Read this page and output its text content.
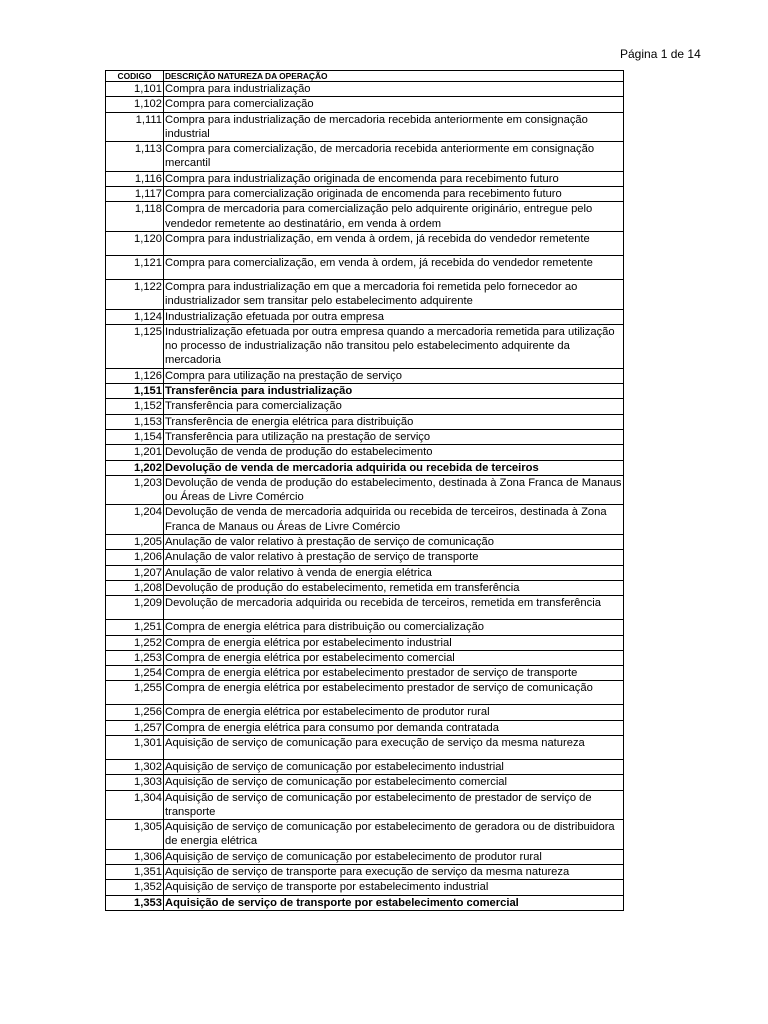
Página 1 de 14
CODIGO	DESCRIÇÃO NATUREZA DA OPERAÇÃO
1,101	Compra para industrialização
1,102	Compra para comercialização
1,111	Compra para industrialização de mercadoria recebida anteriormente em consignação industrial
1,113	Compra para comercialização, de mercadoria recebida anteriormente em consignação mercantil
1,116	Compra para industrialização originada de encomenda para recebimento futuro
1,117	Compra para comercialização originada de encomenda para recebimento futuro
1,118	Compra de mercadoria para comercialização pelo adquirente originário, entregue pelo vendedor remetente ao destinatário, em venda à ordem
1,120	Compra para industrialização, em venda à ordem, já recebida do vendedor remetente
1,121	Compra para comercialização, em venda à ordem, já recebida do vendedor remetente
1,122	Compra para industrialização em que a mercadoria foi remetida pelo fornecedor ao industrializador sem transitar pelo estabelecimento adquirente
1,124	Industrialização efetuada por outra empresa
1,125	Industrialização efetuada por outra empresa quando a mercadoria remetida para utilização no processo de industrialização não transitou pelo estabelecimento adquirente da mercadoria
1,126	Compra para utilização na prestação de serviço
1,151	Transferência para industrialização
1,152	Transferência para comercialização
1,153	Transferência de energia elétrica para distribuição
1,154	Transferência para utilização na prestação de serviço
1,201	Devolução de venda de produção do estabelecimento
1,202	Devolução de venda de mercadoria adquirida ou recebida de terceiros
1,203	Devolução de venda de produção do estabelecimento, destinada à Zona Franca de Manaus ou Áreas de Livre Comércio
1,204	Devolução de venda de mercadoria adquirida ou recebida de terceiros, destinada à Zona Franca de Manaus ou Áreas de Livre Comércio
1,205	Anulação de valor relativo à prestação de serviço de comunicação
1,206	Anulação de valor relativo à prestação de serviço de transporte
1,207	Anulação de valor relativo à venda de energia elétrica
1,208	Devolução de produção do estabelecimento, remetida em transferência
1,209	Devolução de mercadoria adquirida ou recebida de terceiros, remetida em transferência
1,251	Compra de energia elétrica para distribuição ou comercialização
1,252	Compra de energia elétrica por estabelecimento industrial
1,253	Compra de energia elétrica por estabelecimento comercial
1,254	Compra de energia elétrica por estabelecimento prestador de serviço de transporte
1,255	Compra de energia elétrica por estabelecimento prestador de serviço de comunicação
1,256	Compra de energia elétrica por estabelecimento de produtor rural
1,257	Compra de energia elétrica para consumo por demanda contratada
1,301	Aquisição de serviço de comunicação para execução de serviço da mesma natureza
1,302	Aquisição de serviço de comunicação por estabelecimento industrial
1,303	Aquisição de serviço de comunicação por estabelecimento comercial
1,304	Aquisição de serviço de comunicação por estabelecimento de prestador de serviço de transporte
1,305	Aquisição de serviço de comunicação por estabelecimento de geradora ou de distribuidora de energia elétrica
1,306	Aquisição de serviço de comunicação por estabelecimento de produtor rural
1,351	Aquisição de serviço de transporte para execução de serviço da mesma natureza
1,352	Aquisição de serviço de transporte por estabelecimento industrial
1,353	Aquisição de serviço de transporte por estabelecimento comercial
